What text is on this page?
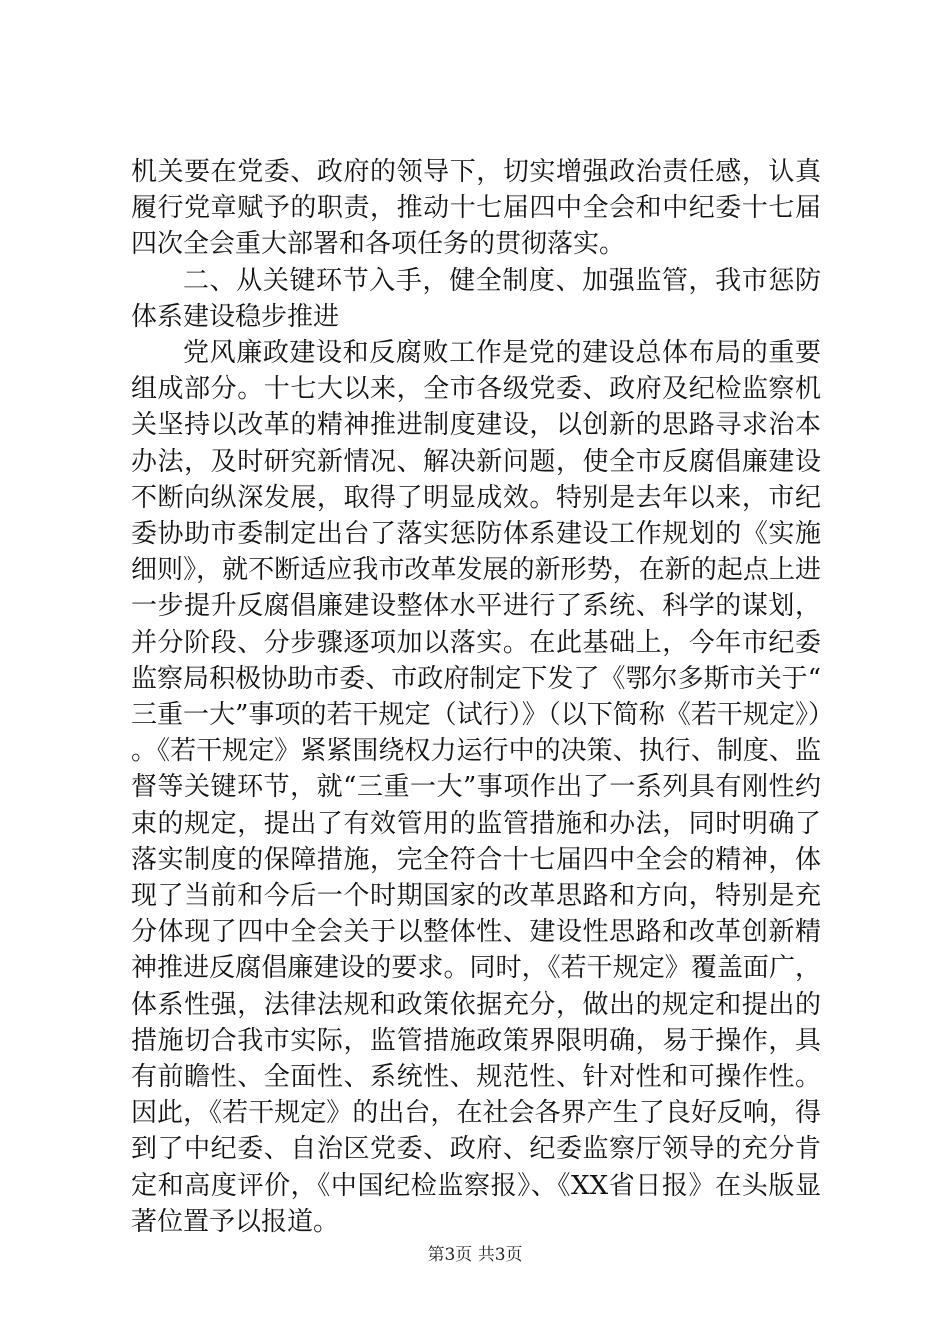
机关要在党委、政府的领导下，切实增强政治责任感，认真履行党章赋予的职责，推动十七届四中全会和中纪委十七届四次全会重大部署和各项任务的贯彻落实。

二、从关键环节入手，健全制度、加强监管，我市惩防体系建设稳步推进

党风廉政建设和反腐败工作是党的建设总体布局的重要组成部分。十七大以来，全市各级党委、政府及纪检监察机关坚持以改革的精神推进制度建设，以创新的思路寻求治本办法，及时研究新情况、解决新问题，使全市反腐倡廉建设不断向纵深发展，取得了明显成效。特别是去年以来，市纪委协助市委制定出台了落实惩防体系建设工作规划的《实施细则》，就不断适应我市改革发展的新形势，在新的起点上进一步提升反腐倡廉建设整体水平进行了系统、科学的谋划，并分阶段、分步骤逐项加以落实。在此基础上，今年市纪委监察局积极协助市委、市政府制定下发了《鄂尔多斯市关于“三重一大”事项的若干规定（试行）》（以下简称《若干规定》）。《若干规定》紧紧围绕权力运行中的决策、执行、制度、监督等关键环节，就“三重一大”事项作出了一系列具有刚性约束的规定，提出了有效管用的监管措施和办法，同时明确了落实制度的保障措施，完全符合十七届四中全会的精神，体现了当前和今后一个时期国家的改革思路和方向，特别是充分体现了四中全会关于以整体性、建设性思路和改革创新精神推进反腐倡廉建设的要求。同时，《若干规定》覆盖面广，体系性强，法律法规和政策依据充分，做出的规定和提出的措施切合我市实际，监管措施政策界限明确，易于操作，具有前瞻性、全面性、系统性、规范性、针对性和可操作性。因此，《若干规定》的出台，在社会各界产生了良好反响，得到了中纪委、自治区党委、政府、纪委监察厅领导的充分肯定和高度评价，《中国纪检监察报》、《XX省日报》在头版显著位置予以报道。

第3页 共3页
